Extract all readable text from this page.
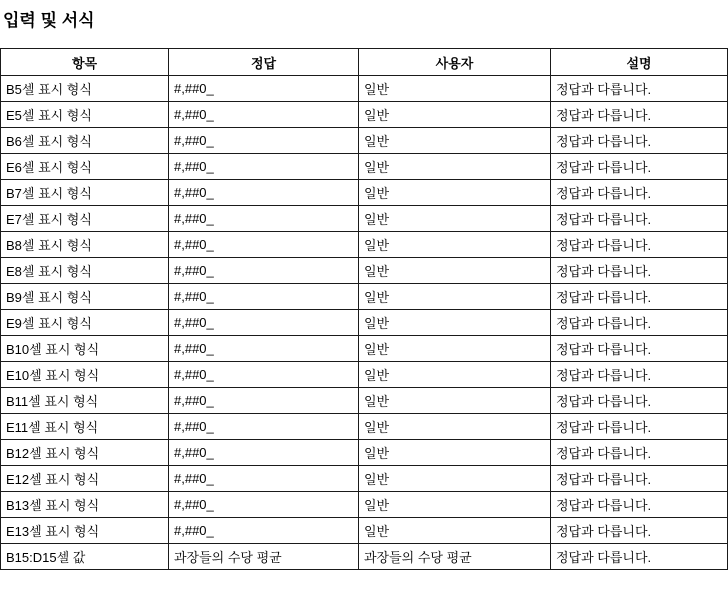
입력 및 서식
항목	정답	사용자	설명
B5셀 표시 형식	#,##0_	일반	정답과 다릅니다.
E5셀 표시 형식	#,##0_	일반	정답과 다릅니다.
B6셀 표시 형식	#,##0_	일반	정답과 다릅니다.
E6셀 표시 형식	#,##0_	일반	정답과 다릅니다.
B7셀 표시 형식	#,##0_	일반	정답과 다릅니다.
E7셀 표시 형식	#,##0_	일반	정답과 다릅니다.
B8셀 표시 형식	#,##0_	일반	정답과 다릅니다.
E8셀 표시 형식	#,##0_	일반	정답과 다릅니다.
B9셀 표시 형식	#,##0_	일반	정답과 다릅니다.
E9셀 표시 형식	#,##0_	일반	정답과 다릅니다.
B10셀 표시 형식	#,##0_	일반	정답과 다릅니다.
E10셀 표시 형식	#,##0_	일반	정답과 다릅니다.
B11셀 표시 형식	#,##0_	일반	정답과 다릅니다.
E11셀 표시 형식	#,##0_	일반	정답과 다릅니다.
B12셀 표시 형식	#,##0_	일반	정답과 다릅니다.
E12셀 표시 형식	#,##0_	일반	정답과 다릅니다.
B13셀 표시 형식	#,##0_	일반	정답과 다릅니다.
E13셀 표시 형식	#,##0_	일반	정답과 다릅니다.
B15:D15셀 값	과장들의 수당 평균	과장들의 수당 평균	정답과 다릅니다.
